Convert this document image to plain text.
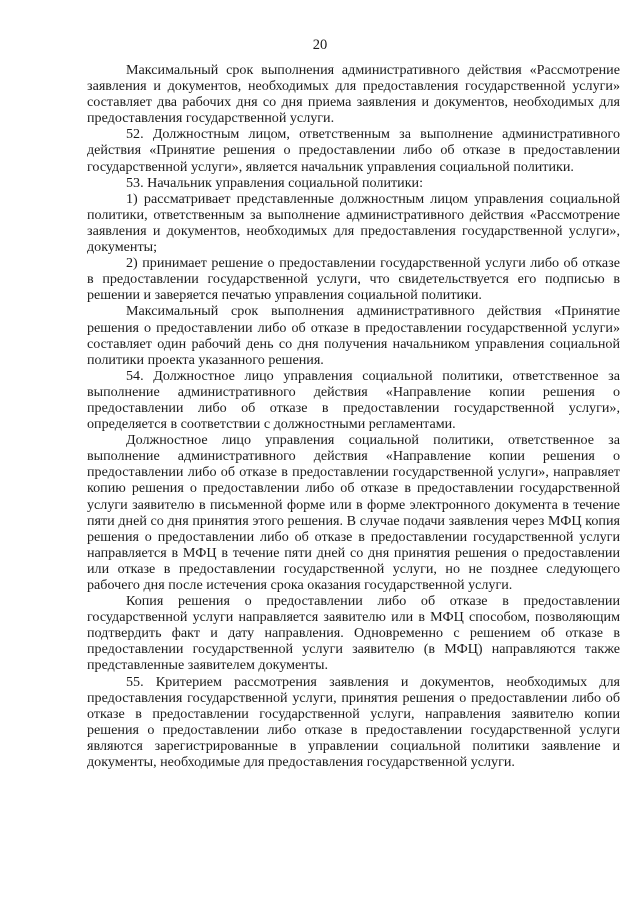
20

Максимальный срок выполнения административного действия «Рассмотрение заявления и документов, необходимых для предоставления государственной услуги» составляет два рабочих дня со дня приема заявления и документов, необходимых для предоставления государственной услуги.

52. Должностным лицом, ответственным за выполнение административного действия «Принятие решения о предоставлении либо об отказе в предоставлении государственной услуги», является начальник управления социальной политики.

53. Начальник управления социальной политики:

1) рассматривает представленные должностным лицом управления социальной политики, ответственным за выполнение административного действия «Рассмотрение заявления и документов, необходимых для предоставления государственной услуги», документы;

2) принимает решение о предоставлении государственной услуги либо об отказе в предоставлении государственной услуги, что свидетельствуется его подписью в решении и заверяется печатью управления социальной политики.

Максимальный срок выполнения административного действия «Принятие решения о предоставлении либо об отказе в предоставлении государственной услуги» составляет один рабочий день со дня получения начальником управления социальной политики проекта указанного решения.

54. Должностное лицо управления социальной политики, ответственное за выполнение административного действия «Направление копии решения о предоставлении либо об отказе в предоставлении государственной услуги», определяется в соответствии с должностными регламентами.

Должностное лицо управления социальной политики, ответственное за выполнение административного действия «Направление копии решения о предоставлении либо об отказе в предоставлении государственной услуги», направляет копию решения о предоставлении либо об отказе в предоставлении государственной услуги заявителю в письменной форме или в форме электронного документа в течение пяти дней со дня принятия этого решения. В случае подачи заявления через МФЦ копия решения о предоставлении либо об отказе в предоставлении государственной услуги направляется в МФЦ в течение пяти дней со дня принятия решения о предоставлении или отказе в предоставлении государственной услуги, но не позднее следующего рабочего дня после истечения срока оказания государственной услуги.

Копия решения о предоставлении либо об отказе в предоставлении государственной услуги направляется заявителю или в МФЦ способом, позволяющим подтвердить факт и дату направления. Одновременно с решением об отказе в предоставлении государственной услуги заявителю (в МФЦ) направляются также представленные заявителем документы.

55. Критерием рассмотрения заявления и документов, необходимых для предоставления государственной услуги, принятия решения о предоставлении либо об отказе в предоставлении государственной услуги, направления заявителю копии решения о предоставлении либо отказе в предоставлении государственной услуги являются зарегистрированные в управлении социальной политики заявление и документы, необходимые для предоставления государственной услуги.
